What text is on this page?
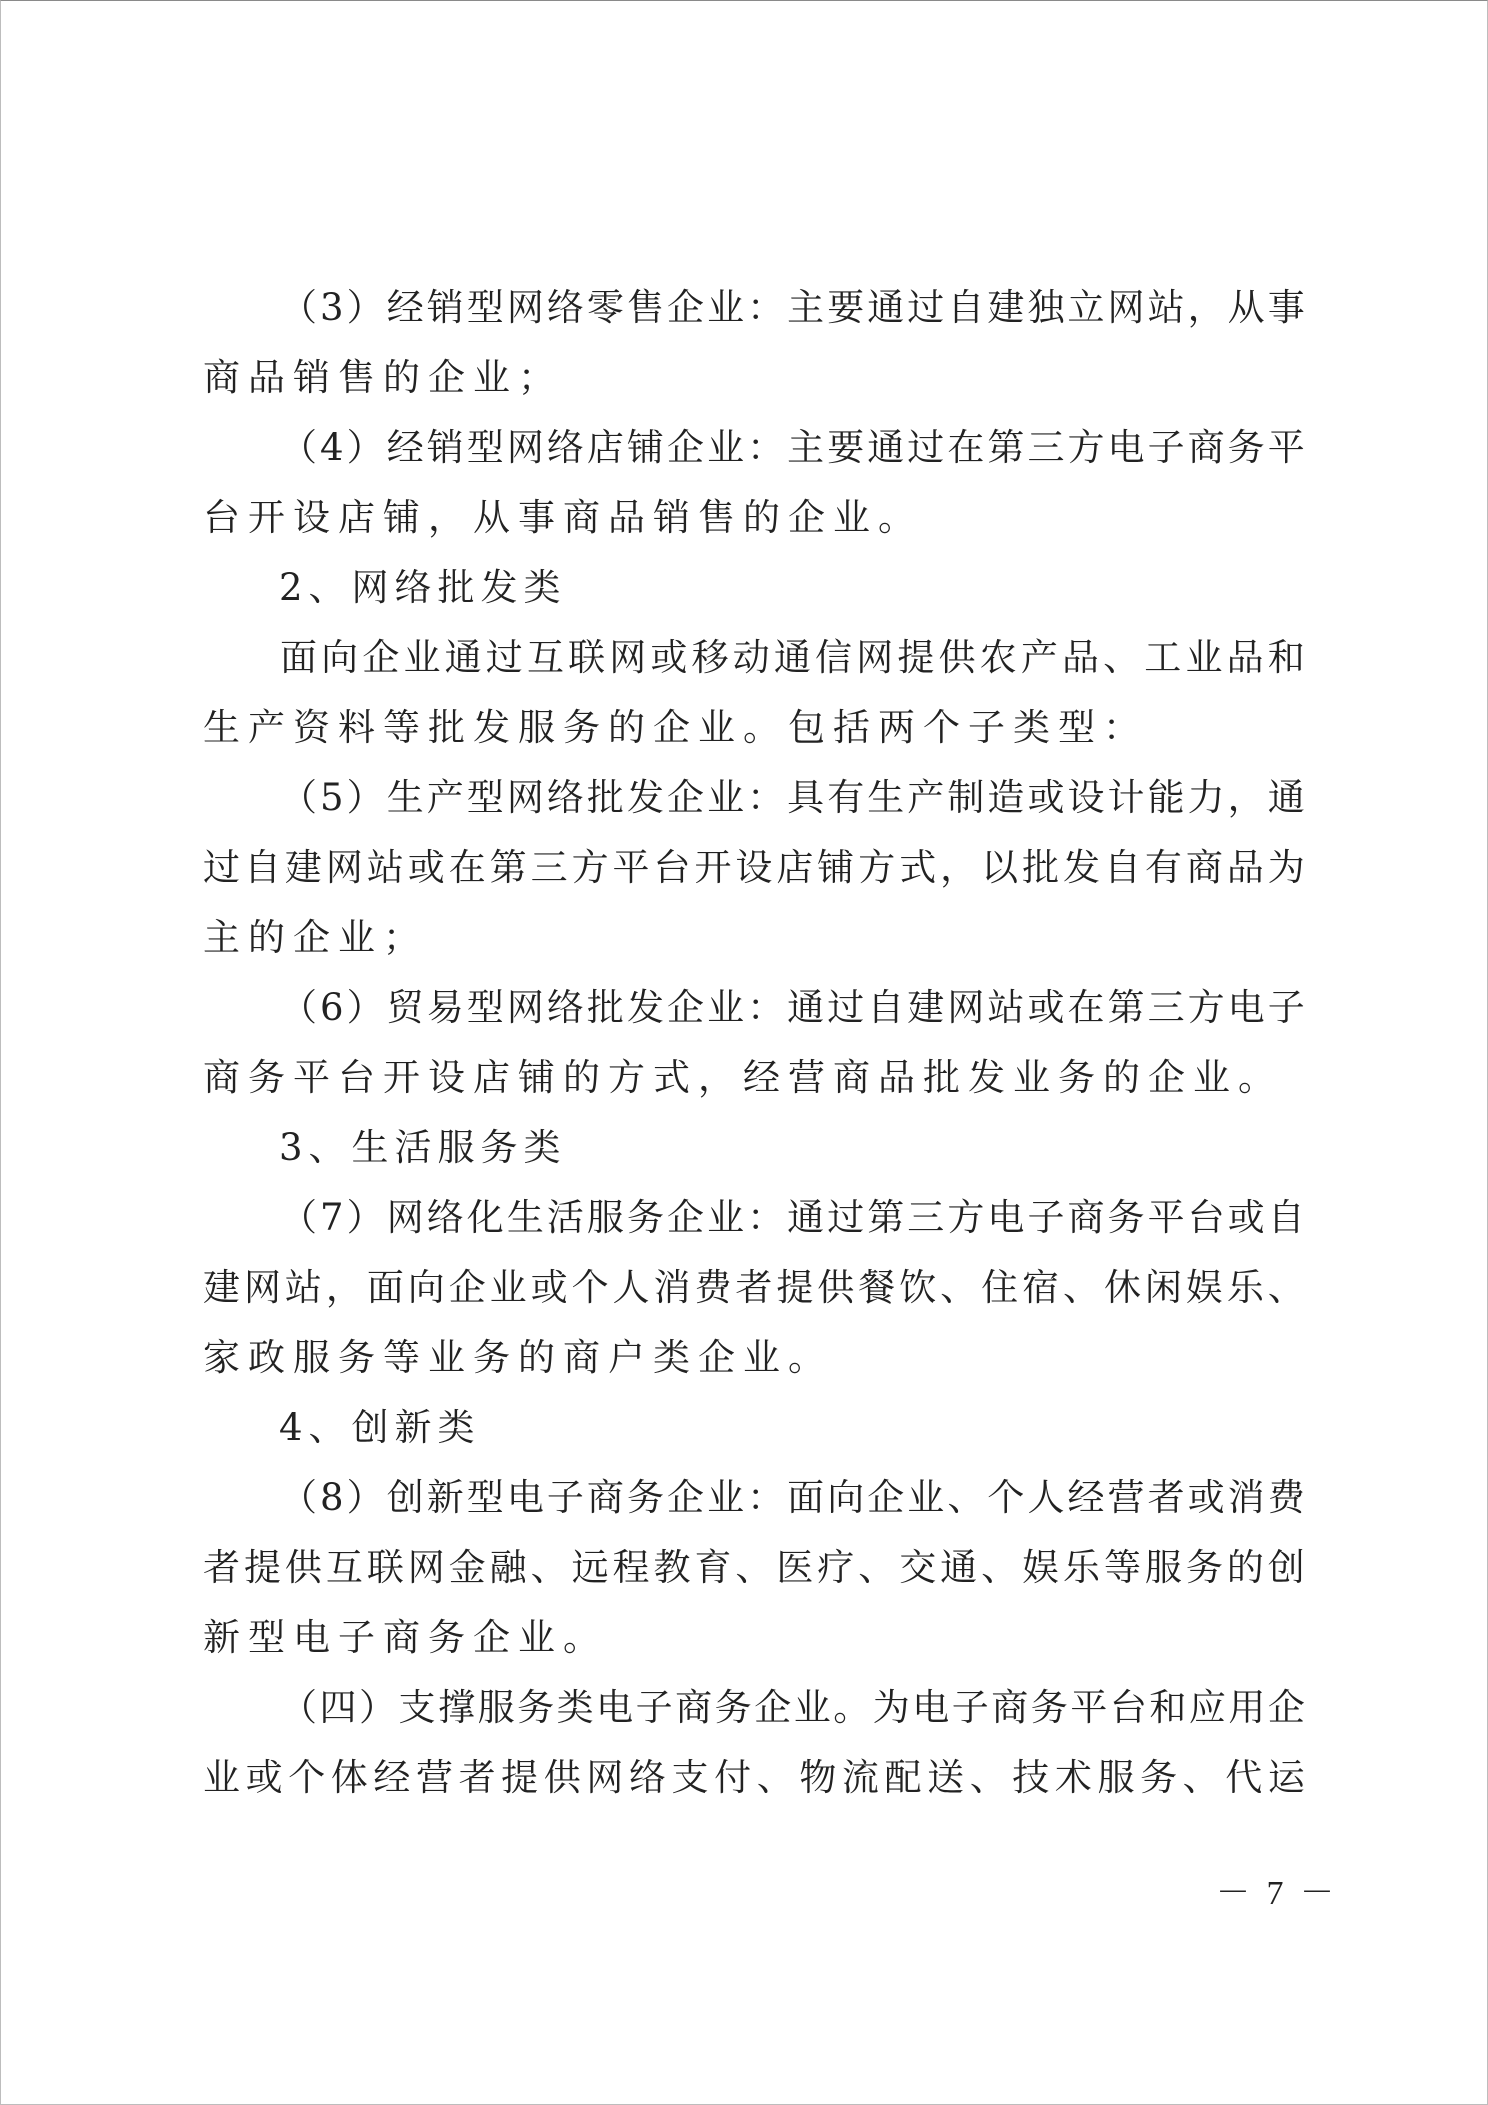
（ 3 ） 经 销 型 网 络 零 售 企 业 ： 主 要 通 过 自 建 独 立 网 站 ， 从 事
商品销售的企业；
（ 4 ） 经 销 型 网 络 店 铺 企 业 ： 主 要 通 过 在 第 三 方 电 子 商 务 平
台开设店铺，从事商品销售的企业。
2、网络批发类
面 向 企 业 通 过 互 联 网 或 移 动 通 信 网 提 供 农 产 品 、 工 业 品 和
生产资料等批发服务的企业。包括两个子类型：
（ 5 ） 生 产 型 网 络 批 发 企 业 ： 具 有 生 产 制 造 或 设 计 能 力 ， 通
过 自 建 网 站 或 在 第 三 方 平 台 开 设 店 铺 方 式 ， 以 批 发 自 有 商 品 为
主的企业；
（ 6 ） 贸 易 型 网 络 批 发 企 业 ： 通 过 自 建 网 站 或 在 第 三 方 电 子
商务平台开设店铺的方式，经营商品批发业务的企业。
3、生活服务类
（ 7 ） 网 络 化 生 活 服 务 企 业 ： 通 过 第 三 方 电 子 商 务 平 台 或 自
建 网 站 ， 面 向 企 业 或 个 人 消 费 者 提 供 餐 饮 、 住 宿 、 休 闲 娱 乐 、
家政服务等业务的商户类企业。
4、创新类
（ 8 ） 创 新 型 电 子 商 务 企 业 ： 面 向 企 业 、 个 人 经 营 者 或 消 费
者 提 供 互 联 网 金 融 、 远 程 教 育 、 医 疗 、 交 通 、 娱 乐 等 服 务 的 创
新型电子商务企业。
（ 四 ） 支 撑 服 务 类 电 子 商 务 企 业 。 为 电 子 商 务 平 台 和 应 用 企
业 或 个 体 经 营 者 提 供 网 络 支 付 、 物 流 配 送 、 技 术 服 务 、 代 运
－ 7 －
